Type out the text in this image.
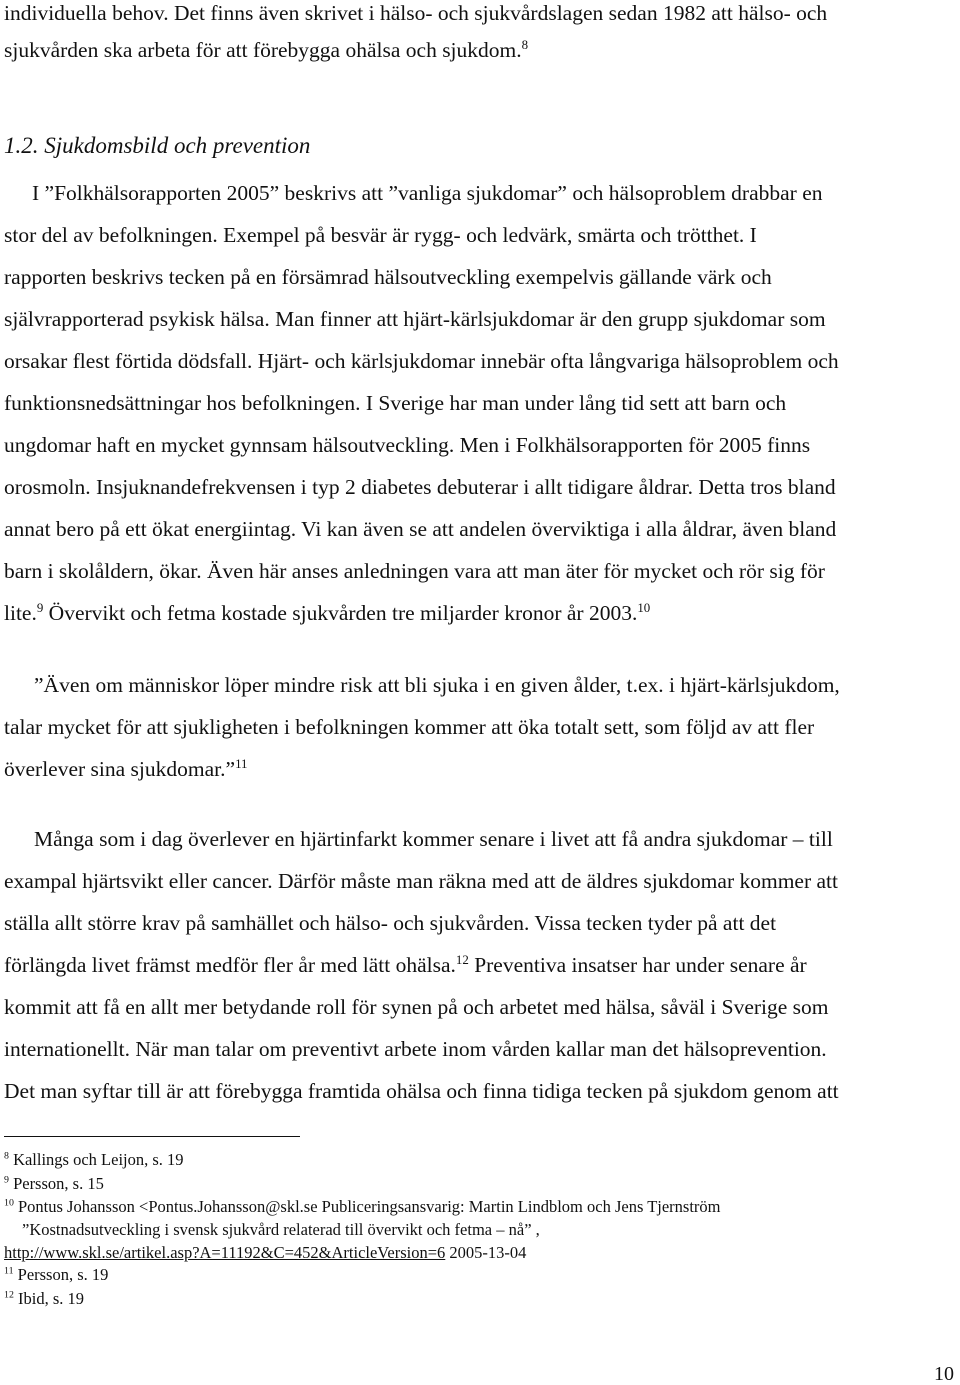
individuella behov. Det finns även skrivet i hälso- och sjukvårdslagen sedan 1982 att hälso- och
sjukvården ska arbeta för att förebygga ohälsa och sjukdom.$^8$
1.2. Sjukdomsbild och prevention
I ”Folkhälsorapporten 2005” beskrivs att ”vanliga sjukdomar” och hälsoproblem drabbar en
stor del av befolkningen. Exempel på besvär är rygg- och ledvärk, smärta och trötthet. I
rapporten beskrivs tecken på en försämrad hälsoutveckling exempelvis gällande värk och
självrapporterad psykisk hälsa. Man finner att hjärt-kärlsjukdomar är den grupp sjukdomar som
orsakar flest förtida dödsfall. Hjärt- och kärlsjukdomar innebär ofta långvariga hälsoproblem och
funktionsnedsättningar hos befolkningen. I Sverige har man under lång tid sett att barn och
ungdomar haft en mycket gynnsam hälsoutveckling. Men i Folkhälsorapporten för 2005 finns
orosmoln. Insjuknandefrekvensen i typ 2 diabetes debuterar i allt tidigare åldrar. Detta tros bland
annat bero på ett ökat energiintag. Vi kan även se att andelen överviktiga i alla åldrar, även bland
barn i skolåldern, ökar. Även här anses anledningen vara att man äter för mycket och rör sig för
lite.$^9$ Övervikt och fetma kostade sjukvården tre miljarder kronor år 2003.10
”Även om människor löper mindre risk att bli sjuka i en given ålder, t.ex. i hjärt-kärlsjukdom,
talar mycket för att sjukligheten i befolkningen kommer att öka totalt sett, som följd av att fler
överlever sina sjukdomar.”$^{11}$
Många som i dag överlever en hjärtinfarkt kommer senare i livet att få andra sjukdomar – till
exampal hjärtsvikt eller cancer. Därför måste man räkna med att de äldres sjukdomar kommer att
ställa allt större krav på samhället och hälso- och sjukvården. Vissa tecken tyder på att det
förlängda livet främst medför fler år med lätt ohälsa.$^{12}$ Preventiva insatser har under senare år
kommit att få en allt mer betydande roll för synen på och arbetet med hälsa, såväl i Sverige som
internationellt. När man talar om preventivt arbete inom vården kallar man det hälsoprevention.
Det man syftar till är att förebygga framtida ohälsa och finna tidiga tecken på sjukdom genom att
$^8$ Kallings och Leijon, s. 19
$^9$ Persson, s. 15
$^{10}$ Pontus Johansson <Pontus.Johansson@skl.se Publiceringsansvarig: Martin Lindblom och Jens Tjernström
”Kostnadsutveckling i svensk sjukvård relaterad till övervikt och fetma – nå” ,
http://www.skl.se/artikel.asp?A=11192&C=452&ArticleVersion=6 2005-13-04
$^{11}$ Persson, s. 19
$^{12}$ Ibid, s. 19
10
